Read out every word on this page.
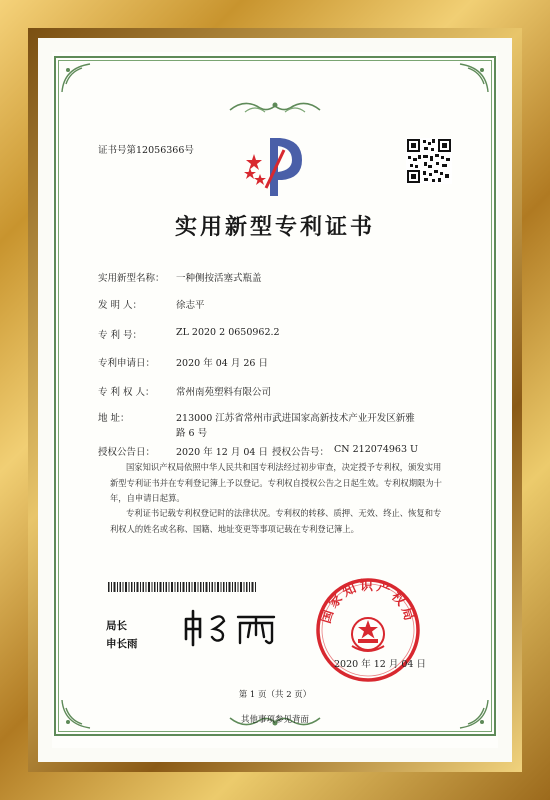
证书号第12056366号
实用新型专利证书
实用新型名称： 一种侧按活塞式瓶盖
发 明 人：	徐志平
专 利 号：	ZL 2020 2 0650962.2
专利申请日： 2020 年 04 月 26 日
专 利 权 人： 常州南苑塑料有限公司
地 址：	213000 江苏省常州市武进国家高新技术产业开发区新雅
路 6 号
授权公告日： 2020 年 12 月 04 日 授权公告号： CN 212074963 U
国家知识产权局依照中华人民共和国专利法经过初步审查，决定授予专利权，颁发实用新型专利证书并在专利登记簿上予以登记。专利权自授权公告之日起生效。专利权期限为十年，自申请日起算。
专利证书记载专利权登记时的法律状况。专利权的转移、质押、无效、终止、恢复和专利权人的姓名或名称、国籍、地址变更等事项记载在专利登记簿上。
局长
申长雨
国家知识产权局
2020 年 12 月 04 日
第 1 页（共 2 页）
其他事项参见背面
